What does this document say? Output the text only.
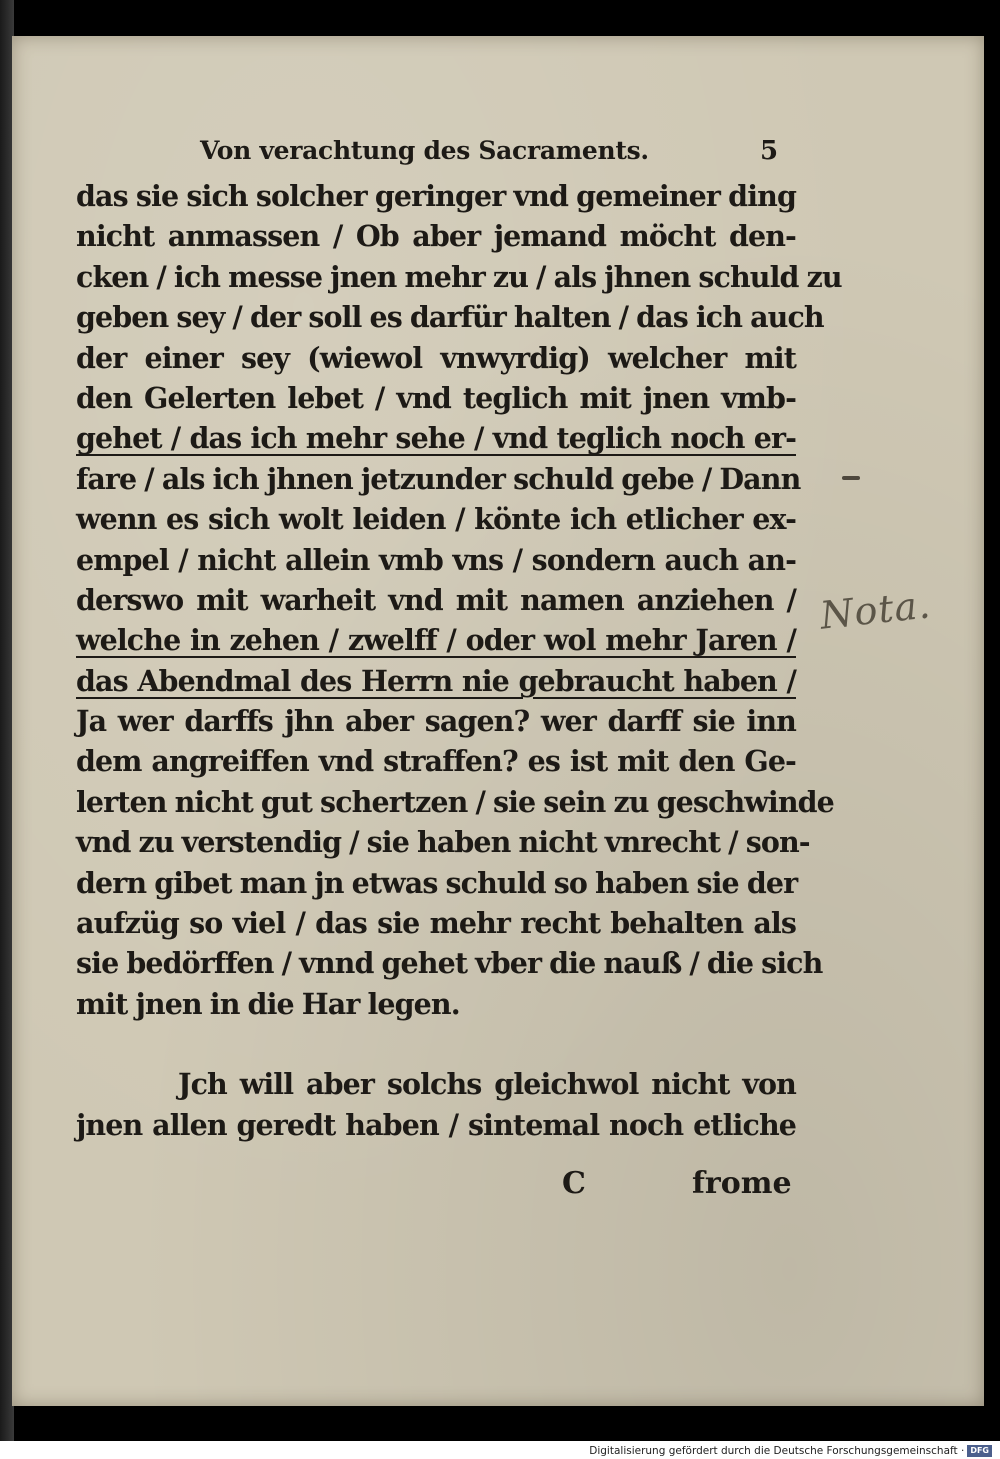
Von verachtung des Sacraments.	5
das sie sich solcher geringer vnd gemeiner ding
nicht anmassen / Ob aber jemand möcht den-
cken / ich messe jnen mehr zu / als jhnen schuld zu
geben sey / der soll es darfür halten / das ich auch
der einer sey (wiewol vnwyrdig) welcher mit
den Gelerten lebet / vnd teglich mit jnen vmb-
gehet / das ich mehr sehe / vnd teglich noch er-
fare / als ich jhnen jetzunder schuld gebe / Dann
wenn es sich wolt leiden / könte ich etlicher ex-
empel / nicht allein vmb vns / sondern auch an-
derswo mit warheit vnd mit namen anziehen /
welche in zehen / zwelff / oder wol mehr Jaren /
das Abendmal des Herrn nie gebraucht haben /
Ja wer darffs jhn aber sagen? wer darff sie inn
dem angreiffen vnd straffen? es ist mit den Ge-
lerten nicht gut schertzen / sie sein zu geschwinde
vnd zu verstendig / sie haben nicht vnrecht / son-
dern gibet man jn etwas schuld so haben sie der
aufzüg so viel / das sie mehr recht behalten als
sie bedörffen / vnnd gehet vber die nauß / die sich
mit jnen in die Har legen.
Jch will aber solchs gleichwol nicht von
jnen allen geredt haben / sintemal noch etliche
C	frome
Nota.
Digitalisierung gefördert durch die Deutsche Forschungsgemeinschaft · DFG
